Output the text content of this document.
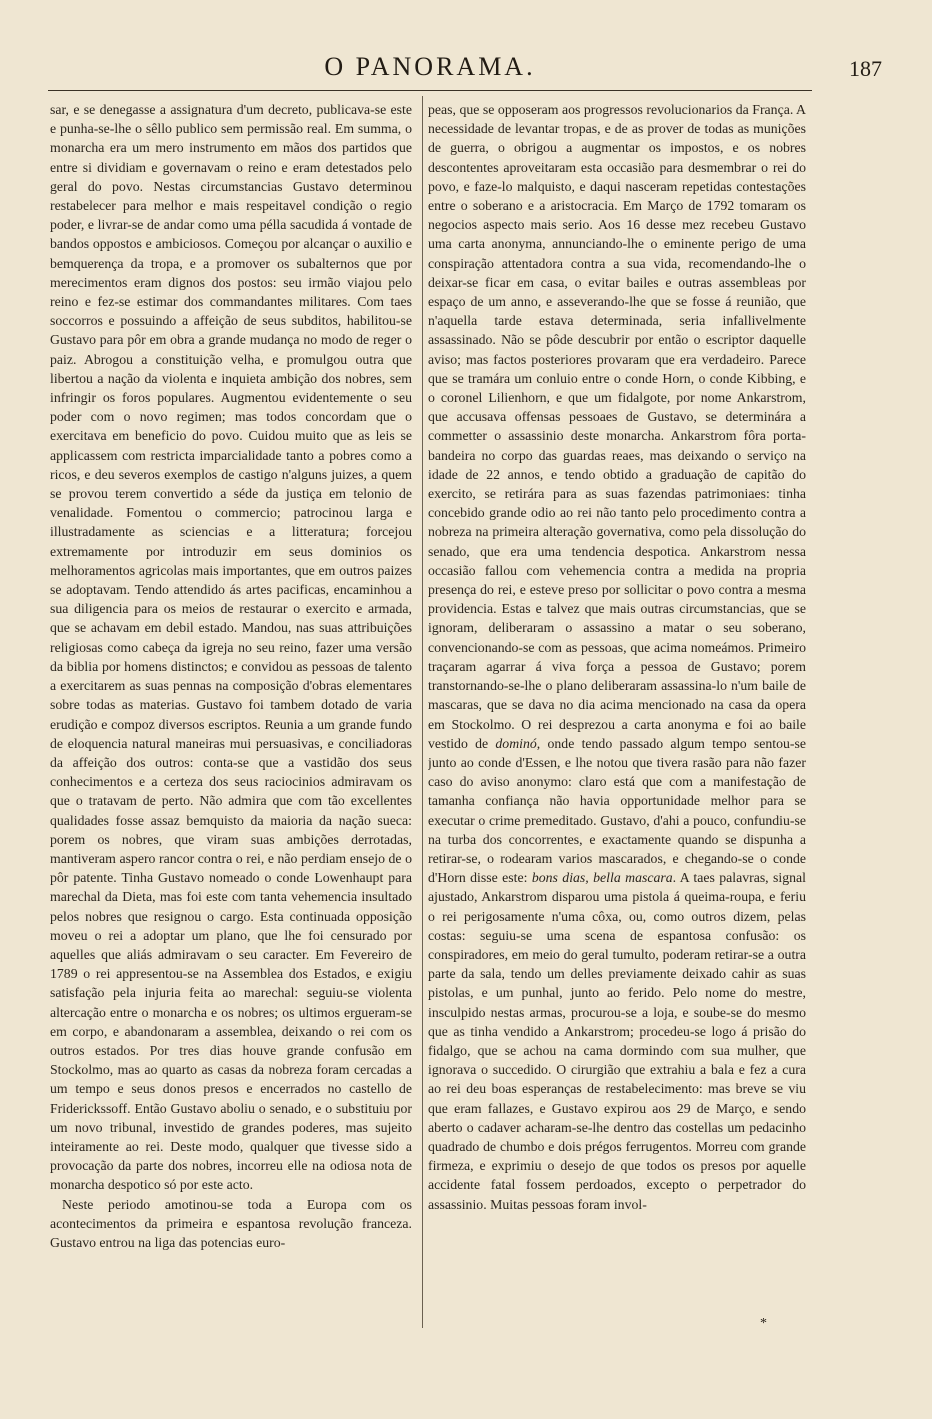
O PANORAMA.	187

sar, e se denegasse a assignatura d'um decreto, publicava-se este e punha-se-lhe o sêllo publico sem permissão real. Em summa, o monarcha era um mero instrumento em mãos dos partidos que entre si dividiam e governavam o reino e eram detestados pelo geral do povo. Nestas circumstancias Gustavo determinou restabelecer para melhor e mais respeitavel condição o regio poder, e livrar-se de andar como uma pélla sacudida á vontade de bandos oppostos e ambiciosos. Começou por alcançar o auxilio e bemquerença da tropa, e a promover os subalternos que por merecimentos eram dignos dos postos: seu irmão viajou pelo reino e fez-se estimar dos commandantes militares. Com taes soccorros e possuindo a affeição de seus subditos, habilitou-se Gustavo para pôr em obra a grande mudança no modo de reger o paiz. Abrogou a constituição velha, e promulgou outra que libertou a nação da violenta e inquieta ambição dos nobres, sem infringir os foros populares. Augmentou evidentemente o seu poder com o novo regimen; mas todos concordam que o exercitava em beneficio do povo. Cuidou muito que as leis se applicassem com restricta imparcialidade tanto a pobres como a ricos, e deu severos exemplos de castigo n'alguns juizes, a quem se provou terem convertido a séde da justiça em telonio de venalidade. Fomentou o commercio; patrocinou larga e illustradamente as sciencias e a litteratura; forcejou extremamente por introduzir em seus dominios os melhoramentos agricolas mais importantes, que em outros paizes se adoptavam. Tendo attendido ás artes pacificas, encaminhou a sua diligencia para os meios de restaurar o exercito e armada, que se achavam em debil estado. Mandou, nas suas attribuições religiosas como cabeça da igreja no seu reino, fazer uma versão da biblia por homens distinctos; e convidou as pessoas de talento a exercitarem as suas pennas na composição d'obras elementares sobre todas as materias. Gustavo foi tambem dotado de varia erudição e compoz diversos escriptos. Reunia a um grande fundo de eloquencia natural maneiras mui persuasivas, e conciliadoras da affeição dos outros: conta-se que a vastidão dos seus conhecimentos e a certeza dos seus raciocinios admiravam os que o tratavam de perto. Não admira que com tão excellentes qualidades fosse assaz bemquisto da maioria da nação sueca: porem os nobres, que viram suas ambições derrotadas, mantiveram aspero rancor contra o rei, e não perdiam ensejo de o pôr patente. Tinha Gustavo nomeado o conde Lowenhaupt para marechal da Dieta, mas foi este com tanta vehemencia insultado pelos nobres que resignou o cargo. Esta continuada opposição moveu o rei a adoptar um plano, que lhe foi censurado por aquelles que aliás admiravam o seu caracter. Em Fevereiro de 1789 o rei appresentou-se na Assemblea dos Estados, e exigiu satisfação pela injuria feita ao marechal: seguiu-se violenta altercação entre o monarcha e os nobres; os ultimos ergueram-se em corpo, e abandonaram a assemblea, deixando o rei com os outros estados. Por tres dias houve grande confusão em Stockolmo, mas ao quarto as casas da nobreza foram cercadas a um tempo e seus donos presos e encerrados no castello de Friderickssoff. Então Gustavo aboliu o senado, e o substituiu por um novo tribunal, investido de grandes poderes, mas sujeito inteiramente ao rei. Deste modo, qualquer que tivesse sido a provocação da parte dos nobres, incorreu elle na odiosa nota de monarcha despotico só por este acto.

Neste periodo amotinou-se toda a Europa com os acontecimentos da primeira e espantosa revolução franceza. Gustavo entrou na liga das potencias euro-

peas, que se opposeram aos progressos revolucionarios da França. A necessidade de levantar tropas, e de as prover de todas as munições de guerra, o obrigou a augmentar os impostos, e os nobres descontentes aproveitaram esta occasião para desmembrar o rei do povo, e faze-lo malquisto, e daqui nasceram repetidas contestações entre o soberano e a aristocracia. Em Março de 1792 tomaram os negocios aspecto mais serio. Aos 16 desse mez recebeu Gustavo uma carta anonyma, annunciando-lhe o eminente perigo de uma conspiração attentadora contra a sua vida, recomendando-lhe o deixar-se ficar em casa, o evitar bailes e outras assembleas por espaço de um anno, e asseverando-lhe que se fosse á reunião, que n'aquella tarde estava determinada, seria infallivelmente assassinado. Não se pôde descubrir por então o escriptor daquelle aviso; mas factos posteriores provaram que era verdadeiro. Parece que se tramára um conluio entre o conde Horn, o conde Kibbing, e o coronel Lilienhorn, e que um fidalgote, por nome Ankarstrom, que accusava offensas pessoaes de Gustavo, se determinára a commetter o assassinio deste monarcha. Ankarstrom fôra porta-bandeira no corpo das guardas reaes, mas deixando o serviço na idade de 22 annos, e tendo obtido a graduação de capitão do exercito, se retirára para as suas fazendas patrimoniaes: tinha concebido grande odio ao rei não tanto pelo procedimento contra a nobreza na primeira alteração governativa, como pela dissolução do senado, que era uma tendencia despotica. Ankarstrom nessa occasião fallou com vehemencia contra a medida na propria presença do rei, e esteve preso por sollicitar o povo contra a mesma providencia. Estas e talvez que mais outras circumstancias, que se ignoram, deliberaram o assassino a matar o seu soberano, convencionando-se com as pessoas, que acima nomeámos. Primeiro traçaram agarrar á viva força a pessoa de Gustavo; porem transtornando-se-lhe o plano deliberaram assassina-lo n'um baile de mascaras, que se dava no dia acima mencionado na casa da opera em Stockolmo. O rei desprezou a carta anonyma e foi ao baile vestido de dominó, onde tendo passado algum tempo sentou-se junto ao conde d'Essen, e lhe notou que tivera rasão para não fazer caso do aviso anonymo: claro está que com a manifestação de tamanha confiança não havia opportunidade melhor para se executar o crime premeditado. Gustavo, d'ahi a pouco, confundiu-se na turba dos concorrentes, e exactamente quando se dispunha a retirar-se, o rodearam varios mascarados, e chegando-se o conde d'Horn disse este: bons dias, bella mascara. A taes palavras, signal ajustado, Ankarstrom disparou uma pistola á queima-roupa, e feriu o rei perigosamente n'uma côxa, ou, como outros dizem, pelas costas: seguiu-se uma scena de espantosa confusão: os conspiradores, em meio do geral tumulto, poderam retirar-se a outra parte da sala, tendo um delles previamente deixado cahir as suas pistolas, e um punhal, junto ao ferido. Pelo nome do mestre, insculpido nestas armas, procurou-se a loja, e soube-se do mesmo que as tinha vendido a Ankarstrom; procedeu-se logo á prisão do fidalgo, que se achou na cama dormindo com sua mulher, que ignorava o succedido. O cirurgião que extrahiu a bala e fez a cura ao rei deu boas esperanças de restabelecimento: mas breve se viu que eram fallazes, e Gustavo expirou aos 29 de Março, e sendo aberto o cadaver acharam-se-lhe dentro das costellas um pedacinho quadrado de chumbo e dois prégos ferrugentos. Morreu com grande firmeza, e exprimiu o desejo de que todos os presos por aquelle accidente fatal fossem perdoados, excepto o perpetrador do assassinio. Muitas pessoas foram invol-

*
